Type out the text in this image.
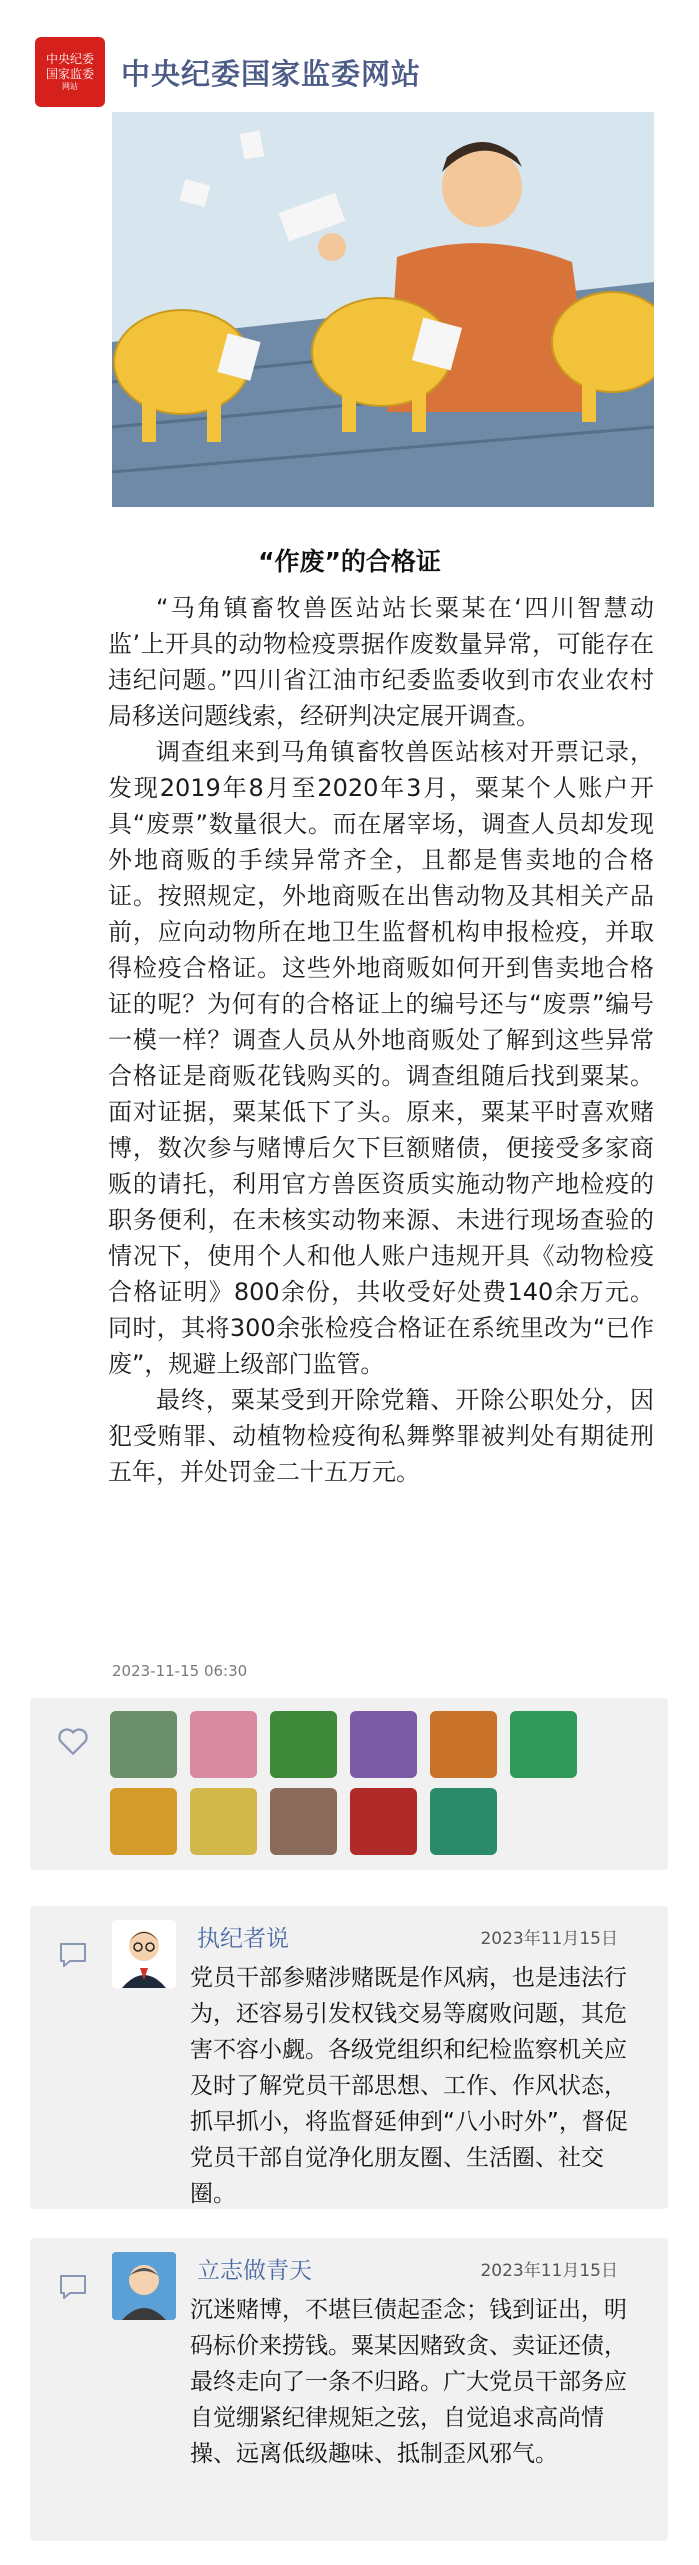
中央纪委
国家监委
网站 中央纪委国家监委网站
“作废”的合格证

“马角镇畜牧兽医站站长粟某在‘四川智慧动监’上开具的动物检疫票据作废数量异常，可能存在违纪问题。”四川省江油市纪委监委收到市农业农村局移送问题线索，经研判决定展开调查。

调查组来到马角镇畜牧兽医站核对开票记录，发现2019年8月至2020年3月，粟某个人账户开具“废票”数量很大。而在屠宰场，调查人员却发现外地商贩的手续异常齐全，且都是售卖地的合格证。按照规定，外地商贩在出售动物及其相关产品前，应向动物所在地卫生监督机构申报检疫，并取得检疫合格证。这些外地商贩如何开到售卖地合格证的呢？为何有的合格证上的编号还与“废票”编号一模一样？调查人员从外地商贩处了解到这些异常合格证是商贩花钱购买的。调查组随后找到粟某。面对证据，粟某低下了头。原来，粟某平时喜欢赌博，数次参与赌博后欠下巨额赌债，便接受多家商贩的请托，利用官方兽医资质实施动物产地检疫的职务便利，在未核实动物来源、未进行现场查验的情况下，使用个人和他人账户违规开具《动物检疫合格证明》800余份，共收受好处费140余万元。同时，其将300余张检疫合格证在系统里改为“已作废”，规避上级部门监管。

最终，粟某受到开除党籍、开除公职处分，因犯受贿罪、动植物检疫徇私舞弊罪被判处有期徒刑五年，并处罚金二十五万元。

2023-11-15 06:30
执纪者说	2023年11月15日
党员干部参赌涉赌既是作风病，也是违法行为，还容易引发权钱交易等腐败问题，其危害不容小觑。各级党组织和纪检监察机关应及时了解党员干部思想、工作、作风状态，抓早抓小，将监督延伸到“八小时外”，督促党员干部自觉净化朋友圈、生活圈、社交圈。
立志做青天	2023年11月15日
沉迷赌博，不堪巨债起歪念；钱到证出，明码标价来捞钱。粟某因赌致贪、卖证还债，最终走向了一条不归路。广大党员干部务应自觉绷紧纪律规矩之弦，自觉追求高尚情操、远离低级趣味、抵制歪风邪气。
